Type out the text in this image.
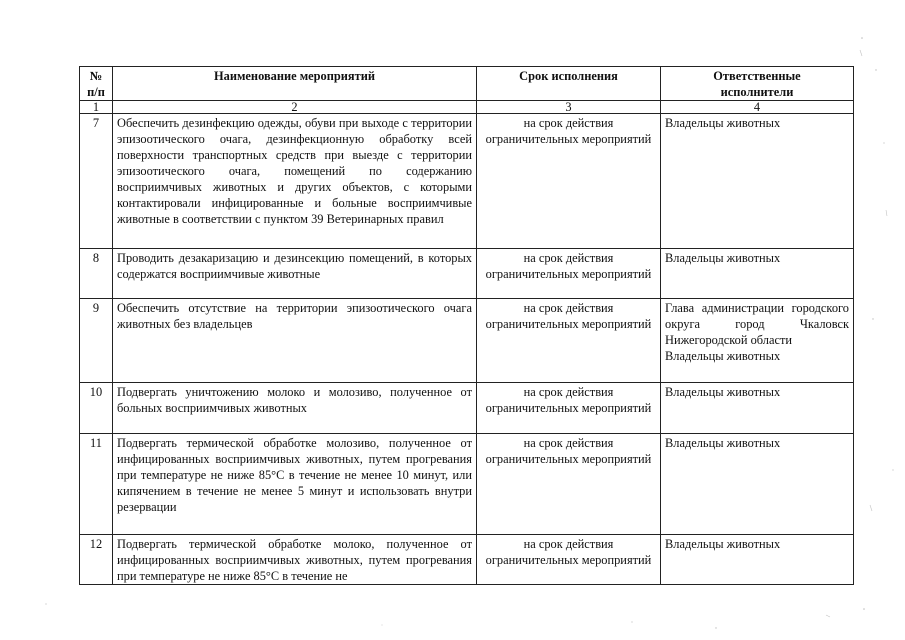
№
п/п	Наименование мероприятий	Срок исполнения	Ответственные
исполнители
1	2	3	4
7	Обеспечить дезинфекцию одежды, обуви при выходе с территории эпизоотического очага, дезинфекционную обработку всей поверхности транспортных средств при выезде с территории эпизоотического очага, помещений по содержанию восприимчивых животных и других объектов, с которыми контактировали инфицированные и больные восприимчивые животные в соответствии с пунктом 39 Ветеринарных правил	на срок действия ограничительных мероприятий	Владельцы животных
8	Проводить дезакаризацию и дезинсекцию помещений, в которых содержатся восприимчивые животные	на срок действия ограничительных мероприятий	Владельцы животных
9	Обеспечить отсутствие на территории эпизоотического очага животных без владельцев	на срок действия ограничительных мероприятий	Глава администрации городского округа город Чкаловск Нижегородской области
Владельцы животных
10	Подвергать уничтожению молоко и молозиво, полученное от больных восприимчивых животных	на срок действия ограничительных мероприятий	Владельцы животных
11	Подвергать термической обработке молозиво, полученное от инфицированных восприимчивых животных, путем прогревания при температуре не ниже 85°С в течение не менее 10 минут, или кипячением в течение не менее 5 минут и использовать внутри резервации	на срок действия ограничительных мероприятий	Владельцы животных
12	Подвергать термической обработке молоко, полученное от инфицированных восприимчивых животных, путем прогревания при температуре не ниже 85°С в течение не	на срок действия ограничительных мероприятий	Владельцы животных
